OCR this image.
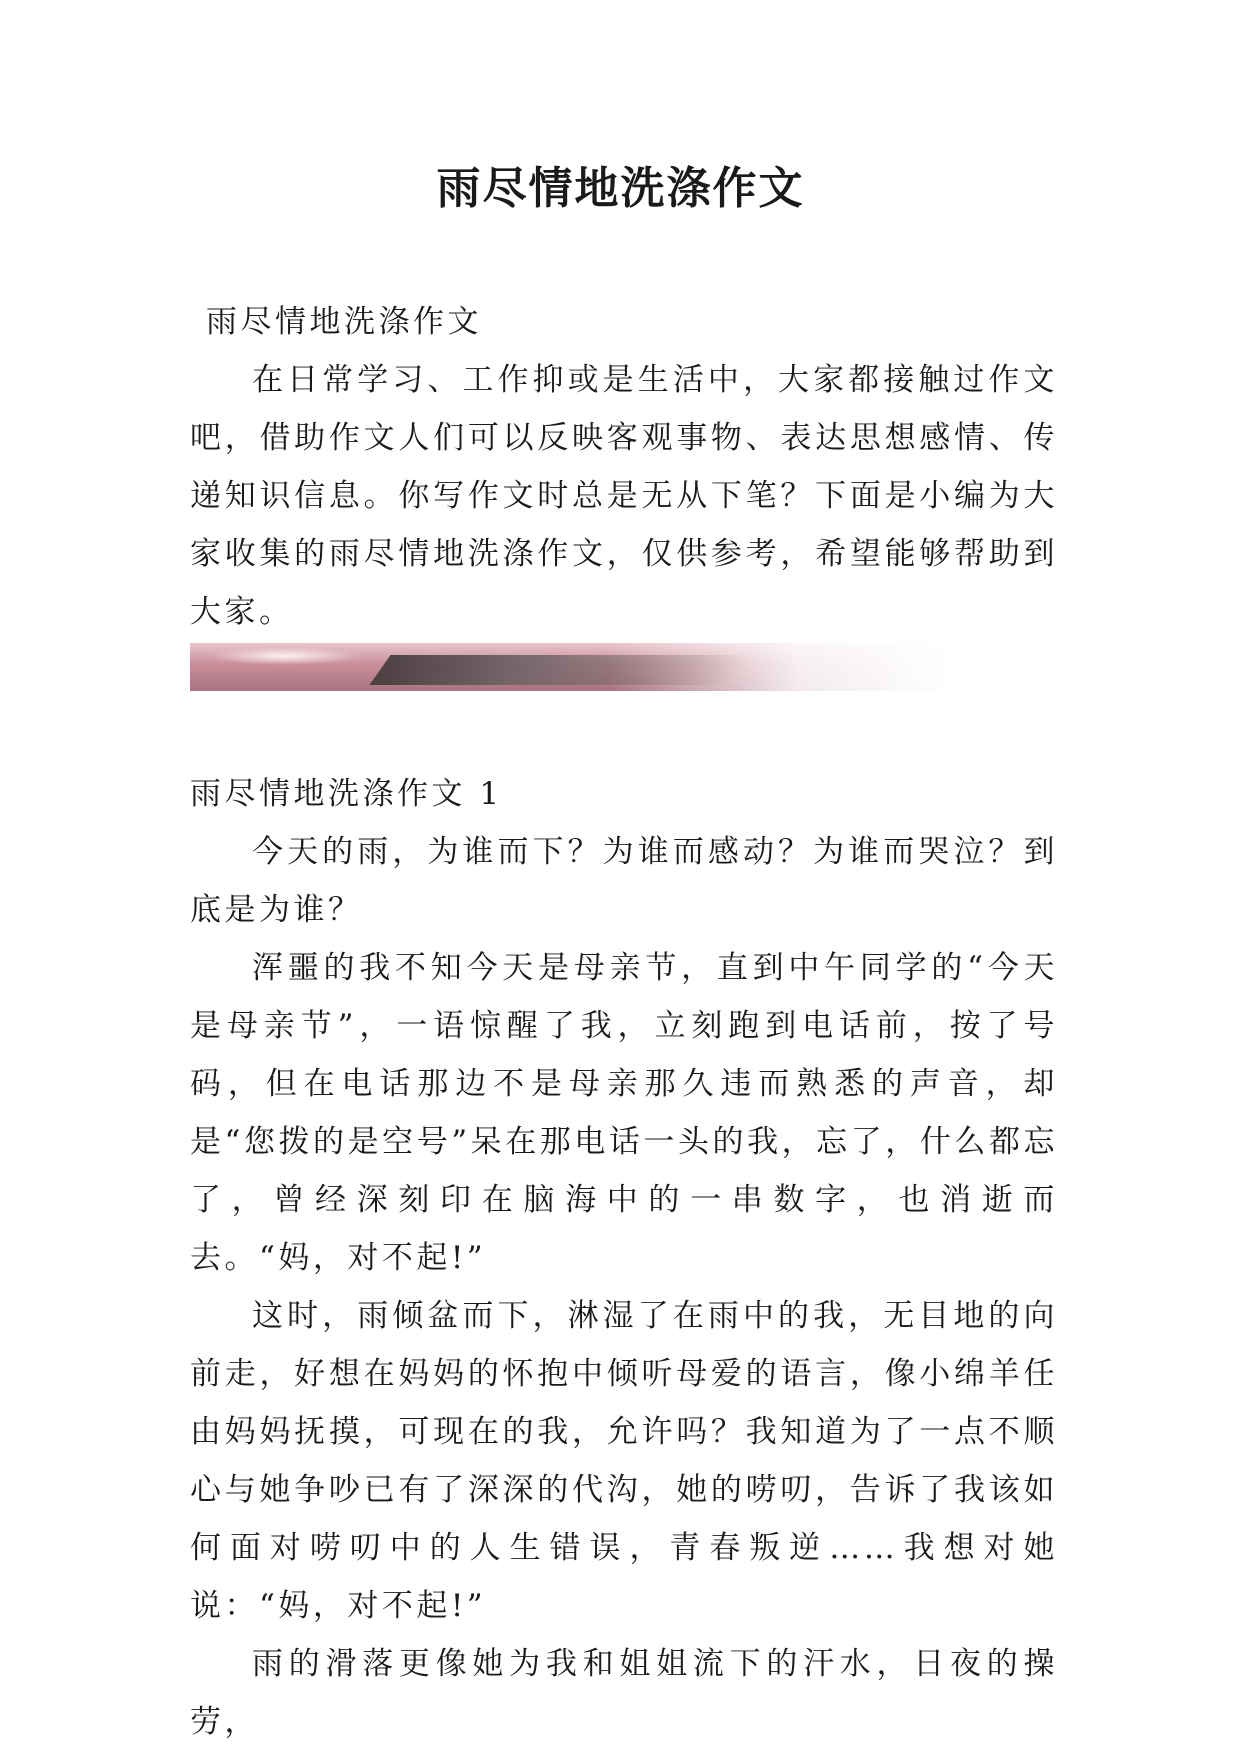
雨尽情地洗涤作文

雨尽情地洗涤作文

在日常学习、工作抑或是生活中，大家都接触过作文吧，借助作文人们可以反映客观事物、表达思想感情、传递知识信息。你写作文时总是无从下笔？下面是小编为大家收集的雨尽情地洗涤作文，仅供参考，希望能够帮助到大家。

雨尽情地洗涤作文 1

今天的雨，为谁而下？为谁而感动？为谁而哭泣？到底是为谁？

浑噩的我不知今天是母亲节，直到中午同学的“今天是母亲节”，一语惊醒了我，立刻跑到电话前，按了号码，但在电话那边不是母亲那久违而熟悉的声音，却是“您拨的是空号”呆在那电话一头的我，忘了，什么都忘了，曾经深刻印在脑海中的一串数字，也消逝而去。“妈，对不起!”

这时，雨倾盆而下，淋湿了在雨中的我，无目地的向前走，好想在妈妈的怀抱中倾听母爱的语言，像小绵羊任由妈妈抚摸，可现在的我，允许吗？我知道为了一点不顺心与她争吵已有了深深的代沟，她的唠叨，告诉了我该如何面对唠叨中的人生错误，青春叛逆……我想对她说：“妈，对不起!”

雨的滑落更像她为我和姐姐流下的汗水，日夜的操劳，
